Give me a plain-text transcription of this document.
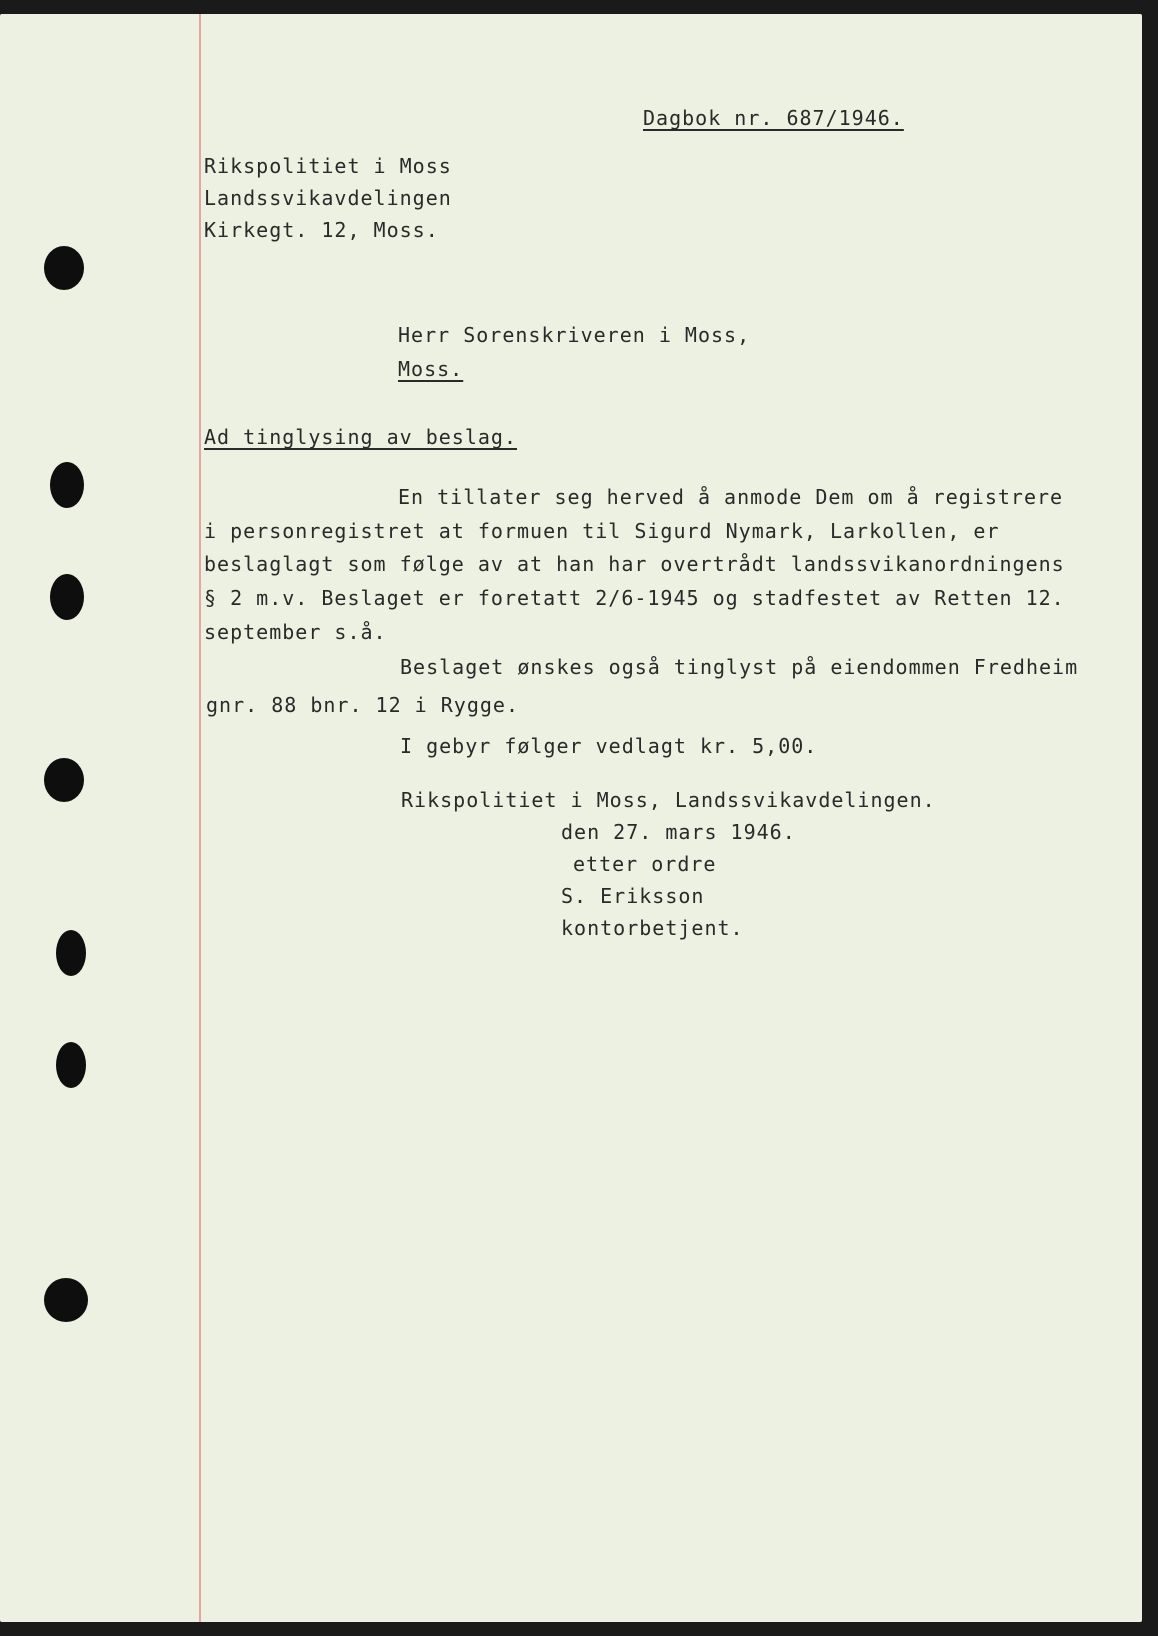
Dagbok nr. 687/1946.

Rikspolitiet i Moss

Landssvikavdelingen

Kirkegt. 12, Moss.

Herr Sorenskriveren i Moss,

Moss.

Ad tinglysing av beslag.

En tillater seg herved å anmode Dem om å registrere

i personregistret at formuen til Sigurd Nymark, Larkollen, er

beslaglagt som følge av at han har overtrådt landssvikanordningens

§ 2 m.v. Beslaget er foretatt 2/6-1945 og stadfestet av Retten 12.

september s.å.

Beslaget ønskes også tinglyst på eiendommen Fredheim

gnr. 88 bnr. 12 i Rygge.

I gebyr følger vedlagt kr. 5,00.

Rikspolitiet i Moss, Landssvikavdelingen.

den 27. mars 1946.

etter ordre

S. Eriksson

kontorbetjent.
